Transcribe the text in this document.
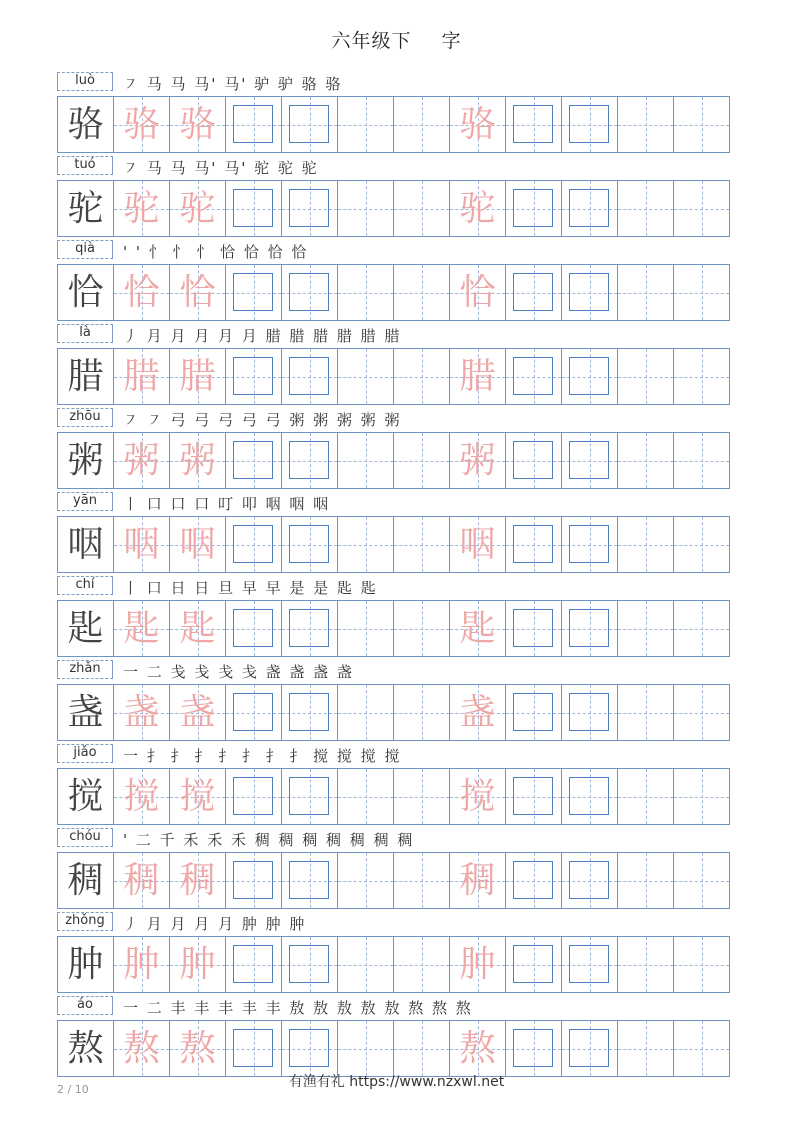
六年级下 字
luò	㇇ 马 马 马' 马' 驴 驴 骆 骆
骆 骆 骆	骆
tuó	㇇ 马 马 马' 马' 驼 驼 驼
驼 驼 驼	驼
qià	' ' 忄 忄 忄 恰 恰 恰 恰
恰 恰 恰	恰
là	丿 月 月 月 月 月 腊 腊 腊 腊 腊 腊
腊 腊 腊	腊
zhōu	㇇ ㇇ 弓 弓 弓 弓 弓 粥 粥 粥 粥 粥
粥 粥 粥	粥
yān	丨 口 口 口 叮 叩 咽 咽 咽
咽 咽 咽	咽
chí	丨 口 日 日 旦 早 早 是 是 匙 匙
匙 匙 匙	匙
zhǎn	一 二 戋 戋 戋 戋 盏 盏 盏 盏
盏 盏 盏	盏
jiǎo	一 扌 扌 扌 扌 扌 扌 扌 搅 搅 搅 搅
搅 搅 搅	搅
chóu	' 二 千 禾 禾 禾 稠 稠 稠 稠 稠 稠 稠
稠 稠 稠	稠
zhǒng	丿 月 月 月 月 肿 肿 肿
肿 肿 肿	肿
áo	一 二 丰 丰 丰 丰 丰 敖 敖 敖 敖 敖 熬 熬 熬
熬 熬 熬	熬
有渔有礼 https://www.nzxwl.net
2 / 10
